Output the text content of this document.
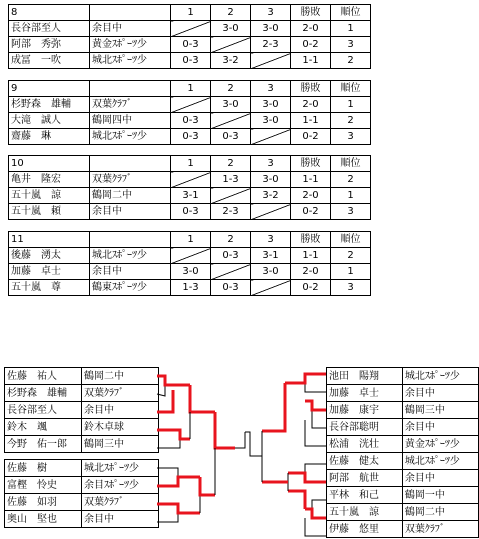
8		1	2	3	勝敗	順位
長谷部至人	余目中		3-0	3-0	2-0	1
阿部　秀弥	黄金ｽﾎﾟｰﾂ少	0-3		2-3	0-2	3
成冨　一吹	城北ｽﾎﾟｰﾂ少	0-3	3-2		1-1	2
9		1	2	3	勝敗	順位
杉野森　雄輔	双葉ｸﾗﾌﾞ		3-0	3-0	2-0	1
大滝　誠人	鶴岡四中	0-3		3-0	1-1	2
齋藤　琳	城北ｽﾎﾟｰﾂ少	0-3	0-3		0-2	3
10		1	2	3	勝敗	順位
亀井　隆宏	双葉ｸﾗﾌﾞ		1-3	3-0	1-1	2
五十嵐　諒	鶴岡二中	3-1		3-2	2-0	1
五十嵐　頼	余目中	0-3	2-3		0-2	3
11		1	2	3	勝敗	順位
後藤　湧太	城北ｽﾎﾟｰﾂ少		0-3	3-1	1-1	2
加藤　卓士	余目中	3-0		3-0	2-0	1
五十嵐　尊	鶴東ｽﾎﾟｰﾂ少	1-3	0-3		0-2	3
佐藤　祐人	鶴岡二中
杉野森　雄輔	双葉ｸﾗﾌﾞ
長谷部至人	余目中
鈴木　颯	鈴木卓球
今野　佑一郎	鶴岡三中
佐藤　樹	城北ｽﾎﾟｰﾂ少
富樫　怜史	余目ｽﾎﾟｰﾂ少
佐藤　如羽	双葉ｸﾗﾌﾞ
奥山　堅也	余目中
池田　陽翔	城北ｽﾎﾟｰﾂ少
加藤　卓士	余目中
加藤　康宇	鶴岡三中
長谷部聡明	余目中
松浦　洸壮	黄金ｽﾎﾟｰﾂ少
佐藤　健太	城北ｽﾎﾟｰﾂ少
阿部　航世	余目中
平林　和己	鶴岡一中
五十嵐　諒	鶴岡二中
伊藤　悠里	双葉ｸﾗﾌﾞ
